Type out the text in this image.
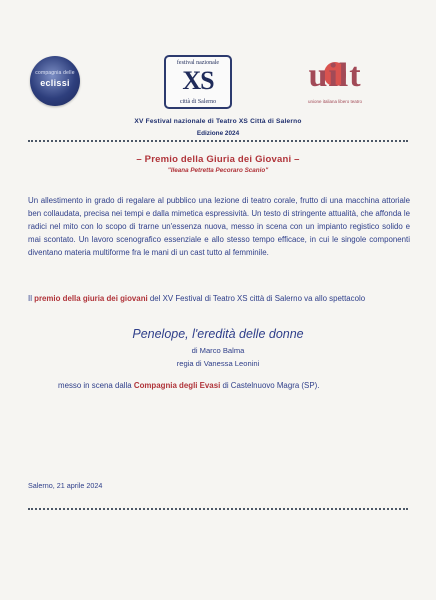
compagnia delle
eclissi
festival nazionale
XS
città di Salerno
uilt
unione italiana libero teatro
XV Festival nazionale di Teatro XS Città di Salerno
Edizione 2024
– Premio della Giuria dei Giovani –
"Ileana Petretta Pecoraro Scanio"
Un allestimento in grado di regalare al pubblico una lezione di teatro corale, frutto di una macchina attoriale ben collaudata, precisa nei tempi e dalla mimetica espressività. Un testo di stringente attualità, che affonda le radici nel mito con lo scopo di trarne un'essenza nuova, messo in scena con un impianto registico solido e mai scontato. Un lavoro scenografico essenziale e allo stesso tempo efficace, in cui le singole componenti diventano materia multiforme fra le mani di un cast tutto al femminile.
Il premio della giuria dei giovani del XV Festival di Teatro XS città di Salerno va allo spettacolo
Penelope, l'eredità delle donne
di Marco Balma
regia di Vanessa Leonini
messo in scena dalla Compagnia degli Evasi di Castelnuovo Magra (SP).
Salerno, 21 aprile 2024
